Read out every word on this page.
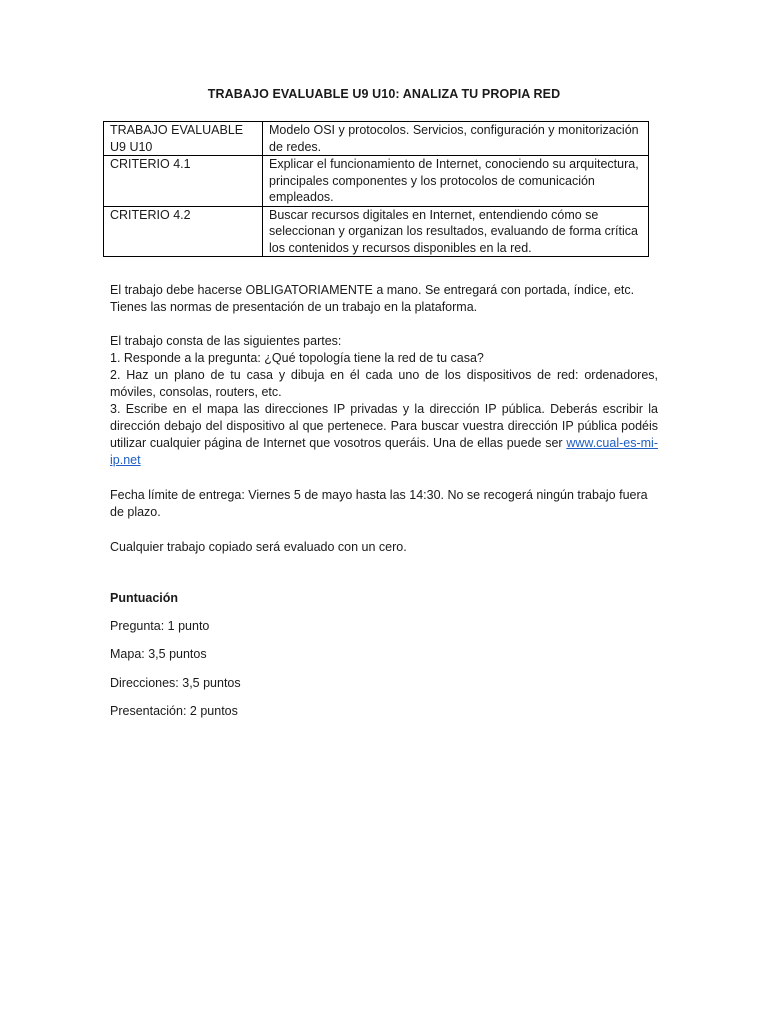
TRABAJO EVALUABLE U9 U10: ANALIZA TU PROPIA RED
TRABAJO EVALUABLE U9 U10	Modelo OSI y protocolos. Servicios, configuración y monitorización de redes.
CRITERIO 4.1	Explicar el funcionamiento de Internet, conociendo su arquitectura, principales componentes y los protocolos de comunicación empleados.
CRITERIO 4.2	Buscar recursos digitales en Internet, entendiendo cómo se seleccionan y organizan los resultados, evaluando de forma crítica los contenidos y recursos disponibles en la red.

El trabajo debe hacerse OBLIGATORIAMENTE a mano. Se entregará con portada, índice, etc. Tienes las normas de presentación de un trabajo en la plataforma.

El trabajo consta de las siguientes partes:
1. Responde a la pregunta: ¿Qué topología tiene la red de tu casa?
2. Haz un plano de tu casa y dibuja en él cada uno de los dispositivos de red: ordenadores, móviles, consolas, routers, etc.
3. Escribe en el mapa las direcciones IP privadas y la dirección IP pública. Deberás escribir la dirección debajo del dispositivo al que pertenece. Para buscar vuestra dirección IP pública podéis utilizar cualquier página de Internet que vosotros queráis. Una de ellas puede ser www.cual-es-mi-ip.net

Fecha límite de entrega: Viernes 5 de mayo hasta las 14:30. No se recogerá ningún trabajo fuera de plazo.

Cualquier trabajo copiado será evaluado con un cero.

Puntuación
Pregunta: 1 punto
Mapa: 3,5 puntos
Direcciones: 3,5 puntos
Presentación: 2 puntos
